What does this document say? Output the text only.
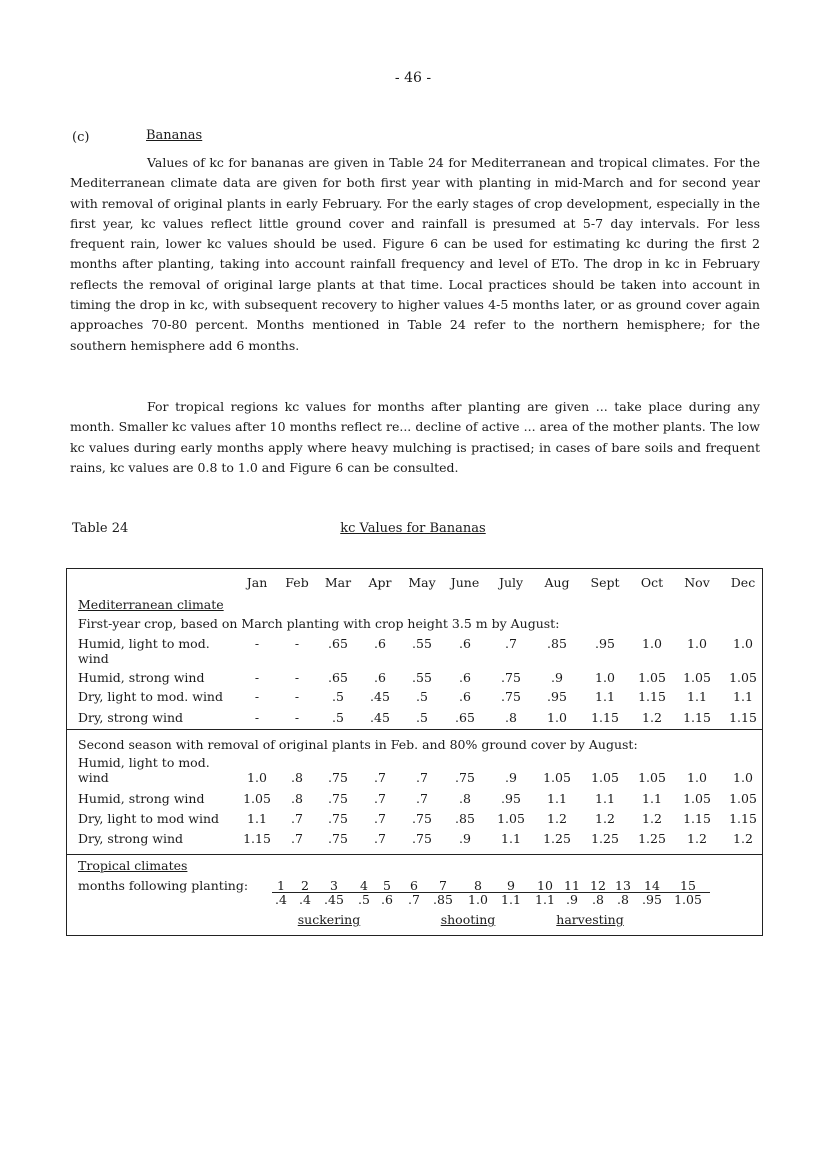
- 46 -
(c)	Bananas

Values of kc for bananas are given in Table 24 for Mediterranean and tropical climates. For the Mediterranean climate data are given for both first year with planting in mid-March and for second year with removal of original plants in early February. For the early stages of crop development, especially in the first year, kc values reflect little ground cover and rainfall is presumed at 5-7 day intervals. For less frequent rain, lower kc values should be used. Figure 6 can be used for estimating kc during the first 2 months after planting, taking into account rainfall frequency and level of ETo. The drop in kc in February reflects the removal of original large plants at that time. Local practices should be taken into account in timing the drop in kc, with subsequent recovery to higher values 4-5 months later, or as ground cover again approaches 70-80 percent. Months mentioned in Table 24 refer to the northern hemisphere; for the southern hemisphere add 6 months.

For tropical regions kc values for months after planting are given ... take place during any month. Smaller kc values after 10 months reflect re... decline of active ... area of the mother plants. The low kc values during early months apply where heavy mulching is practised; in cases of bare soils and frequent rains, kc values are 0.8 to 1.0 and Figure 6 can be consulted.

Table 24	kc Values for Bananas
Jan Feb Mar Apr May June July Aug Sept Oct Nov Dec
Mediterranean climate
First-year crop, based on March planting with crop height 3.5 m by August:
Humid, light to mod.
wind
-	- .65 .6 .55 .6	.7 .85 .95 1.0 1.0 1.0
Humid, strong wind	-	- .65 .6 .55 .6 .75 .9	1.0 1.05 1.05 1.05
Dry, light to mod. wind	-	-	.5 .45 .5 .6 .75 .95 1.1 1.15 1.1 1.1
Dry, strong wind	-	-	.5 .45 .5 .65 .8 1.0 1.15 1.2 1.15 1.15
Second season with removal of original plants in Feb. and 80% ground cover by August:
Humid, light to mod.
wind	1.0 .8 .75 .7 .7 .75 .9 1.05 1.05 1.05 1.0 1.0
Humid, strong wind	1.05 .8 .75 .7 .7 .8 .95 1.1 1.1 1.1 1.05 1.05
Dry, light to mod wind 1.1 .7 .75 .7 .75 .85 1.05 1.2 1.2 1.2 1.15 1.15
Dry, strong wind	1.15 .7 .75 .7 .75 .9 1.1 1.25 1.25 1.25 1.2 1.2
Tropical climates
months following planting: 1 2 3 4 5 6 7 8 9 10 11 12 13 14 15
.4 .4 .45 .5 .6 .7 .85 1.0 1.1 1.1 .9 .8 .8 .95 1.05
suckering	shooting	harvesting
